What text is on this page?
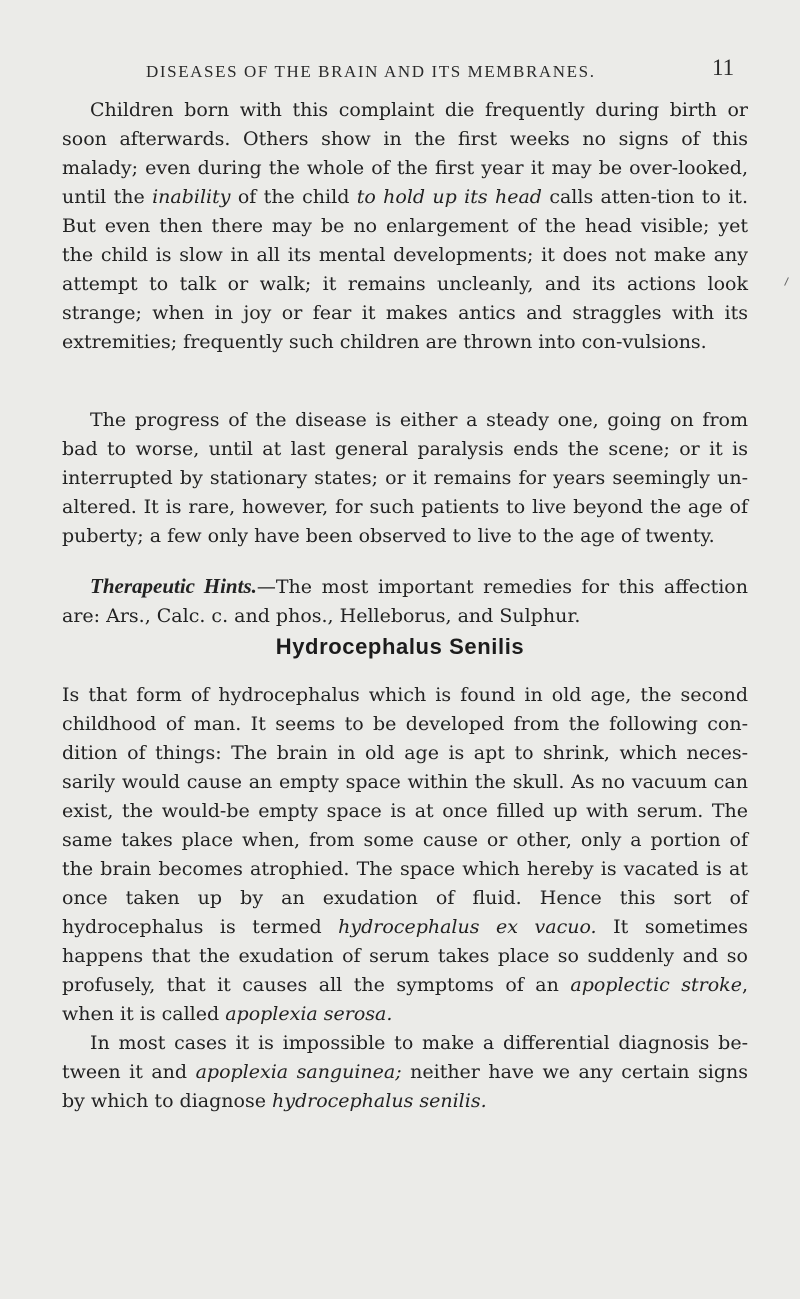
DISEASES OF THE BRAIN AND ITS MEMBRANES.	11

Children born with this complaint die frequently during birth or soon afterwards. Others show in the first weeks no signs of this malady; even during the whole of the first year it may be over-looked, until the inability of the child to hold up its head calls atten-tion to it. But even then there may be no enlargement of the head visible; yet the child is slow in all its mental developments; it does not make any attempt to talk or walk; it remains uncleanly, and its actions look strange; when in joy or fear it makes antics and straggles with its extremities; frequently such children are thrown into con-vulsions.

The progress of the disease is either a steady one, going on from bad to worse, until at last general paralysis ends the scene; or it is interrupted by stationary states; or it remains for years seemingly un-altered. It is rare, however, for such patients to live beyond the age of puberty; a few only have been observed to live to the age of twenty.

Therapeutic Hints.—The most important remedies for this affection are: Ars., Calc. c. and phos., Helleborus, and Sulphur.

Hydrocephalus Senilis

Is that form of hydrocephalus which is found in old age, the second childhood of man. It seems to be developed from the following con-dition of things: The brain in old age is apt to shrink, which neces-sarily would cause an empty space within the skull. As no vacuum can exist, the would-be empty space is at once filled up with serum. The same takes place when, from some cause or other, only a portion of the brain becomes atrophied. The space which hereby is vacated is at once taken up by an exudation of fluid. Hence this sort of hydrocephalus is termed hydrocephalus ex vacuo. It sometimes happens that the exudation of serum takes place so suddenly and so profusely, that it causes all the symptoms of an apoplectic stroke, when it is called apoplexia serosa.

In most cases it is impossible to make a differential diagnosis be-tween it and apoplexia sanguinea; neither have we any certain signs by which to diagnose hydrocephalus senilis.
